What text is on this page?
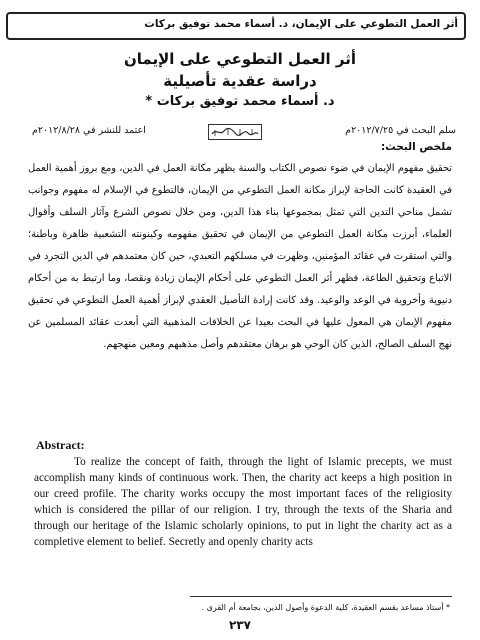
أثر العمل التطوعي على الإيمان، د. أسماء محمد توفيق بركات
أثر العمل التطوعي على الإيمان
دراسة عقدية تأصيلية
د. أسماء محمد توفيق بركات *
سلم البحث في ٢٠١٢/٧/٢٥م
اعتمد للنشر في ٢٠١٢/٨/٢٨م
ملخص البحث:
تحقيق مفهوم الإيمان في ضوء نصوص الكتاب والسنة يظهر مكانة العمل في الدين، ومع بروز أهمية العمل في العقيدة كانت الحاجة لإبراز مكانة العمل التطوعي من الإيمان، فالتطوع في الإسلام له مفهوم وجوانب تشمل مناحي التدين التي تمثل بمجموعها بناء هذا الدين، ومن خلال نصوص الشرع وآثار السلف وأقوال العلماء، أبرزت مكانة العمل التطوعي من الإيمان في تحقيق مفهومه وكينونته التشعبية ظاهرة وباطنة؛ والتي استقرت في عقائد المؤمنين، وظهرت في مسلكهم التعبدي، حين كان معتمدهم في الدين التجرد في الاتباع وتحقيق الطاعة، فظهر أثر العمل التطوعي على أحكام الإيمان زيادة ونقصا، وما ارتبط به من أحكام دنيوية وأخروية في الوعد والوعيد. وقد كانت إرادة التأصيل العقدي لإبراز أهمية العمل التطوعي في تحقيق مفهوم الإيمان هي المعول عليها في البحث بعيدا عن الخلافات المذهبية التي أبعدت عقائد المسلمين عن نهج السلف الصالح، الذين كان الوحي هو برهان معتقدهم وأصل مذهبهم ومعين منهجهم.
Abstract:
To realize the concept of faith, through the light of Islamic precepts, we must accomplish many kinds of continuous work. Then, the charity act keeps a high position in our creed profile. The charity works occupy the most important faces of the religiosity which is considered the pillar of our religion. I try, through the texts of the Sharia and through our heritage of the Islamic scholarly opinions, to put in light the charity act as a completive element to belief. Secretly and openly charity acts
* أستاذ مساعد بقسم العقيدة، كلية الدعوة وأصول الدين، بجامعة أم القرى .
٢٣٧
